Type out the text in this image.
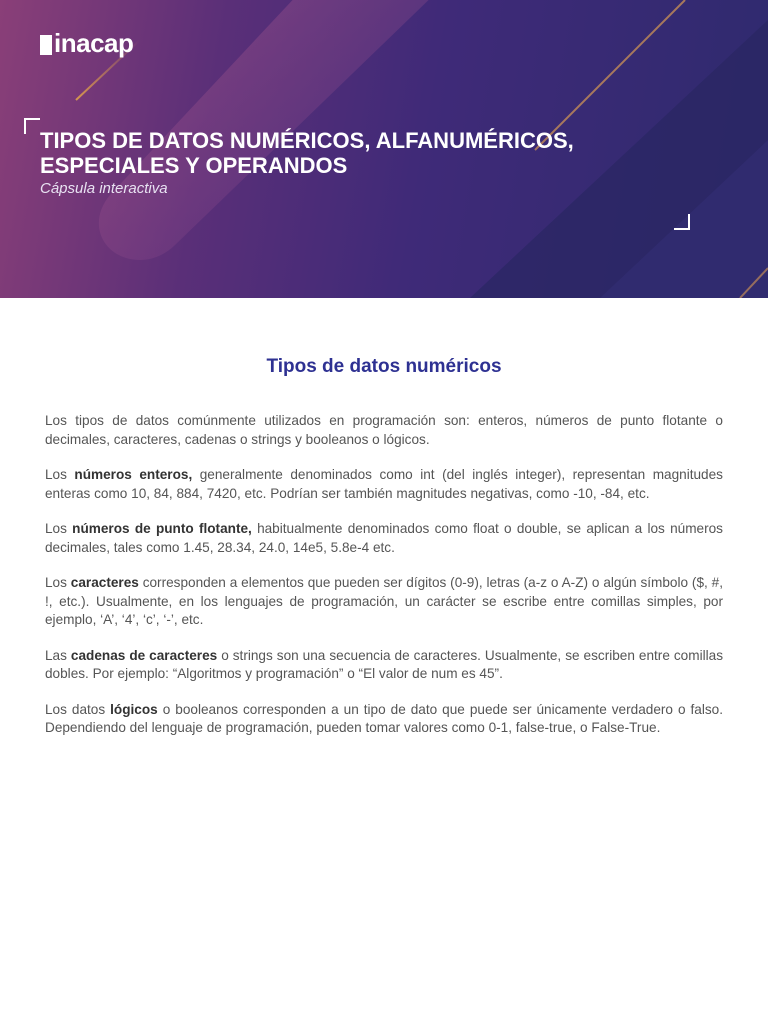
inacap
TIPOS DE DATOS NUMÉRICOS, ALFANUMÉRICOS, ESPECIALES Y OPERANDOS
Cápsula interactiva
Tipos de datos numéricos

Los tipos de datos comúnmente utilizados en programación son: enteros, números de punto flotante o decimales, caracteres, cadenas o strings y booleanos o lógicos.

Los números enteros, generalmente denominados como int (del inglés integer), representan magnitudes enteras como 10, 84, 884, 7420, etc. Podrían ser también magnitudes negativas, como -10, -84, etc.

Los números de punto flotante, habitualmente denominados como float o double, se aplican a los números decimales, tales como 1.45, 28.34, 24.0, 14e5, 5.8e-4 etc.

Los caracteres corresponden a elementos que pueden ser dígitos (0-9), letras (a-z o A-Z) o algún símbolo ($, #, !, etc.). Usualmente, en los lenguajes de programación, un carácter se escribe entre comillas simples, por ejemplo, ‘A’, ‘4’, ‘c’, ‘-’, etc.

Las cadenas de caracteres o strings son una secuencia de caracteres. Usualmente, se escriben entre comillas dobles. Por ejemplo: “Algoritmos y programación” o “El valor de num es 45”.

Los datos lógicos o booleanos corresponden a un tipo de dato que puede ser únicamente verdadero o falso. Dependiendo del lenguaje de programación, pueden tomar valores como 0-1, false-true, o False-True.
